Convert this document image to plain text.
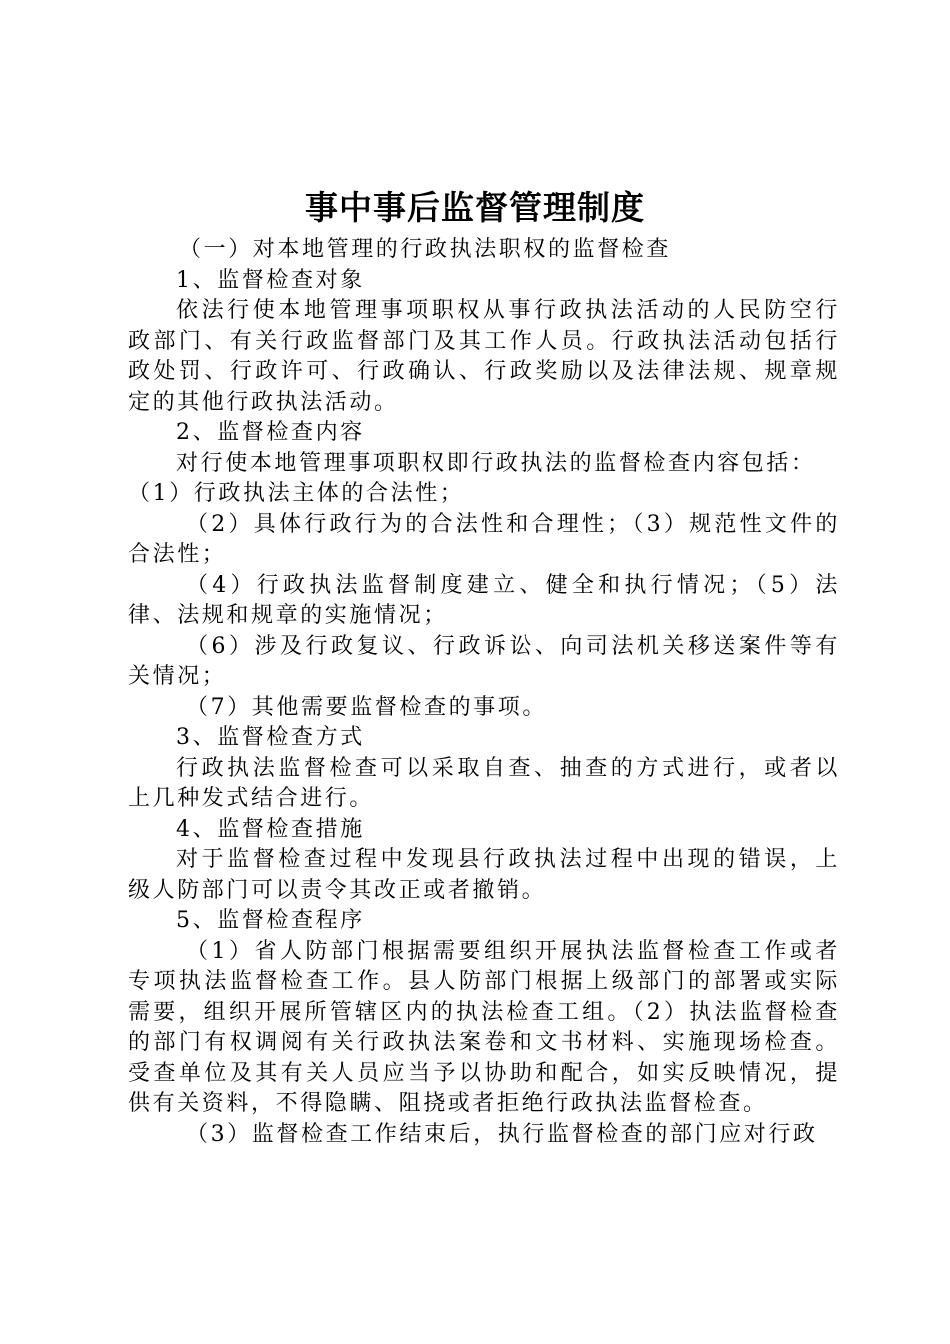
事中事后监督管理制度

（一）对本地管理的行政执法职权的监督检查

1、监督检查对象

依法行使本地管理事项职权从事行政执法活动的人民防空行政部门、有关行政监督部门及其工作人员。行政执法活动包括行政处罚、行政许可、行政确认、行政奖励以及法律法规、规章规定的其他行政执法活动。

2、监督检查内容

对行使本地管理事项职权即行政执法的监督检查内容包括：

（1）行政执法主体的合法性；

（2）具体行政行为的合法性和合理性；（3）规范性文件的合法性；

（4）行政执法监督制度建立、健全和执行情况；（5）法律、法规和规章的实施情况；

（6）涉及行政复议、行政诉讼、向司法机关移送案件等有关情况；

（7）其他需要监督检查的事项。

3、监督检查方式

行政执法监督检查可以采取自查、抽查的方式进行，或者以上几种发式结合进行。

4、监督检查措施

对于监督检查过程中发现县行政执法过程中出现的错误，上级人防部门可以责令其改正或者撤销。

5、监督检查程序

（1）省人防部门根据需要组织开展执法监督检查工作或者专项执法监督检查工作。县人防部门根据上级部门的部署或实际需要，组织开展所管辖区内的执法检查工组。（2）执法监督检查的部门有权调阅有关行政执法案卷和文书材料、实施现场检查。受查单位及其有关人员应当予以协助和配合，如实反映情况，提供有关资料，不得隐瞒、阻挠或者拒绝行政执法监督检查。

（3）监督检查工作结束后，执行监督检查的部门应对行政
